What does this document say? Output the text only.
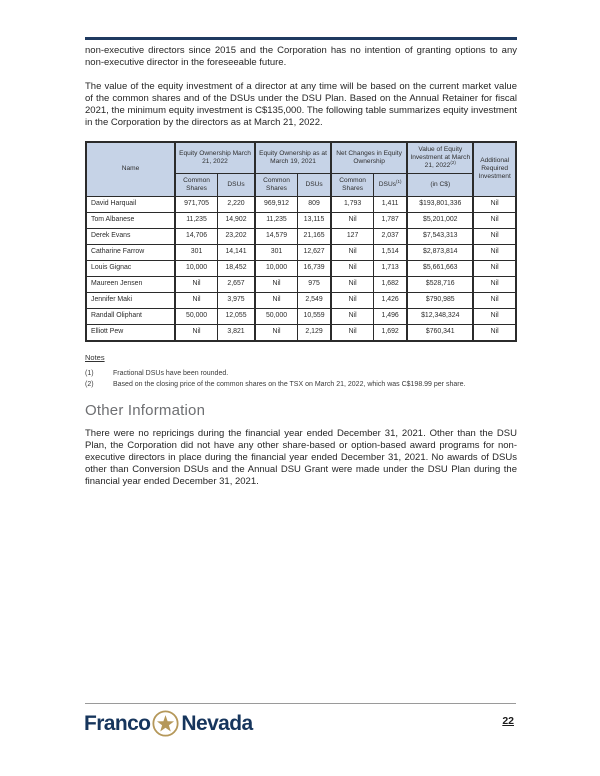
non-executive directors since 2015 and the Corporation has no intention of granting options to any non-executive director in the foreseeable future.

The value of the equity investment of a director at any time will be based on the current market value of the common shares and of the DSUs under the DSU Plan. Based on the Annual Retainer for fiscal 2021, the minimum equity investment is C$135,000. The following table summarizes equity investment in the Corporation by the directors as at March 21, 2022.

Name	Equity Ownership March 21, 2022		Equity Ownership as at March 19, 2021		Net Changes in Equity Ownership		Value of Equity Investment at March 21, 2022$^{(2)}$	Additional Required Investment
	Common Shares	DSUs	Common Shares	DSUs	Common Shares	DSUs$^{(1)}$	(in C$)	
David Harquail	971,705	2,220	969,912	809	1,793	1,411	$193,801,336	Nil
Tom Albanese	11,235	14,902	11,235	13,115	Nil	1,787	$5,201,002	Nil
Derek Evans	14,706	23,202	14,579	21,165	127	2,037	$7,543,313	Nil
Catharine Farrow	301	14,141	301	12,627	Nil	1,514	$2,873,814	Nil
Louis Gignac	10,000	18,452	10,000	16,739	Nil	1,713	$5,661,663	Nil
Maureen Jensen	Nil	2,657	Nil	975	Nil	1,682	$528,716	Nil
Jennifer Maki	Nil	3,975	Nil	2,549	Nil	1,426	$790,985	Nil
Randall Oliphant	50,000	12,055	50,000	10,559	Nil	1,496	$12,348,324	Nil
Elliott Pew	Nil	3,821	Nil	2,129	Nil	1,692	$760,341	Nil
Notes
(1)	Fractional DSUs have been rounded.
(2)	Based on the closing price of the common shares on the TSX on March 21, 2022, which was C$198.99 per share.
Other Information

There were no repricings during the financial year ended December 31, 2021. Other than the DSU Plan, the Corporation did not have any other share-based or option-based award programs for non-executive directors in place during the financial year ended December 31, 2021. No awards of DSUs other than Conversion DSUs and the Annual DSU Grant were made under the DSU Plan during the financial year ended December 31, 2021.

Franco Nevada	22
